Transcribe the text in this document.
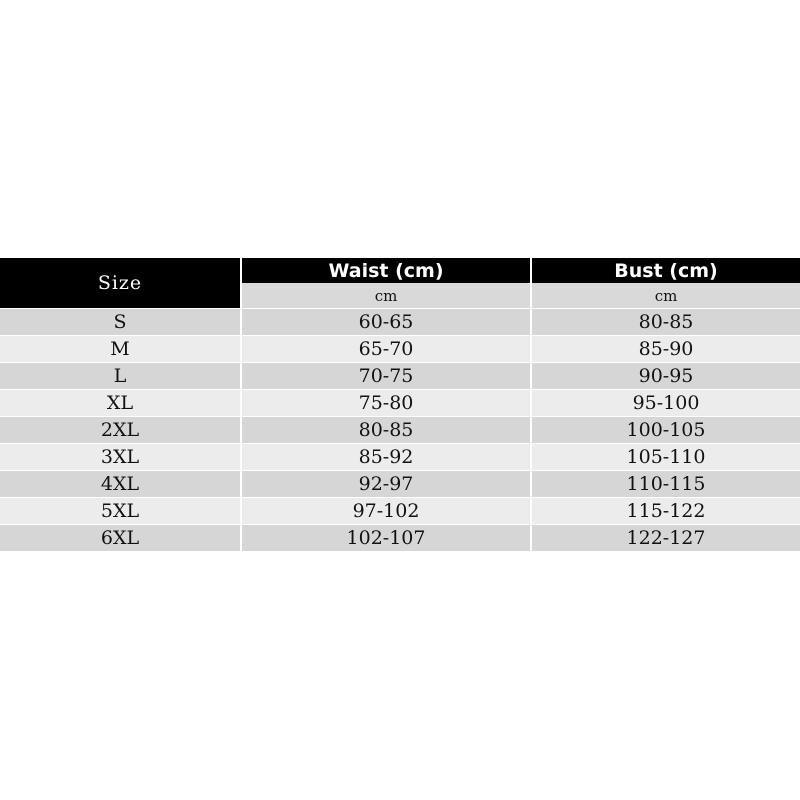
Size	Waist (cm)	Bust (cm)
	cm	cm
S	60-65	80-85
M	65-70	85-90
L	70-75	90-95
XL	75-80	95-100
2XL	80-85	100-105
3XL	85-92	105-110
4XL	92-97	110-115
5XL	97-102	115-122
6XL	102-107	122-127
